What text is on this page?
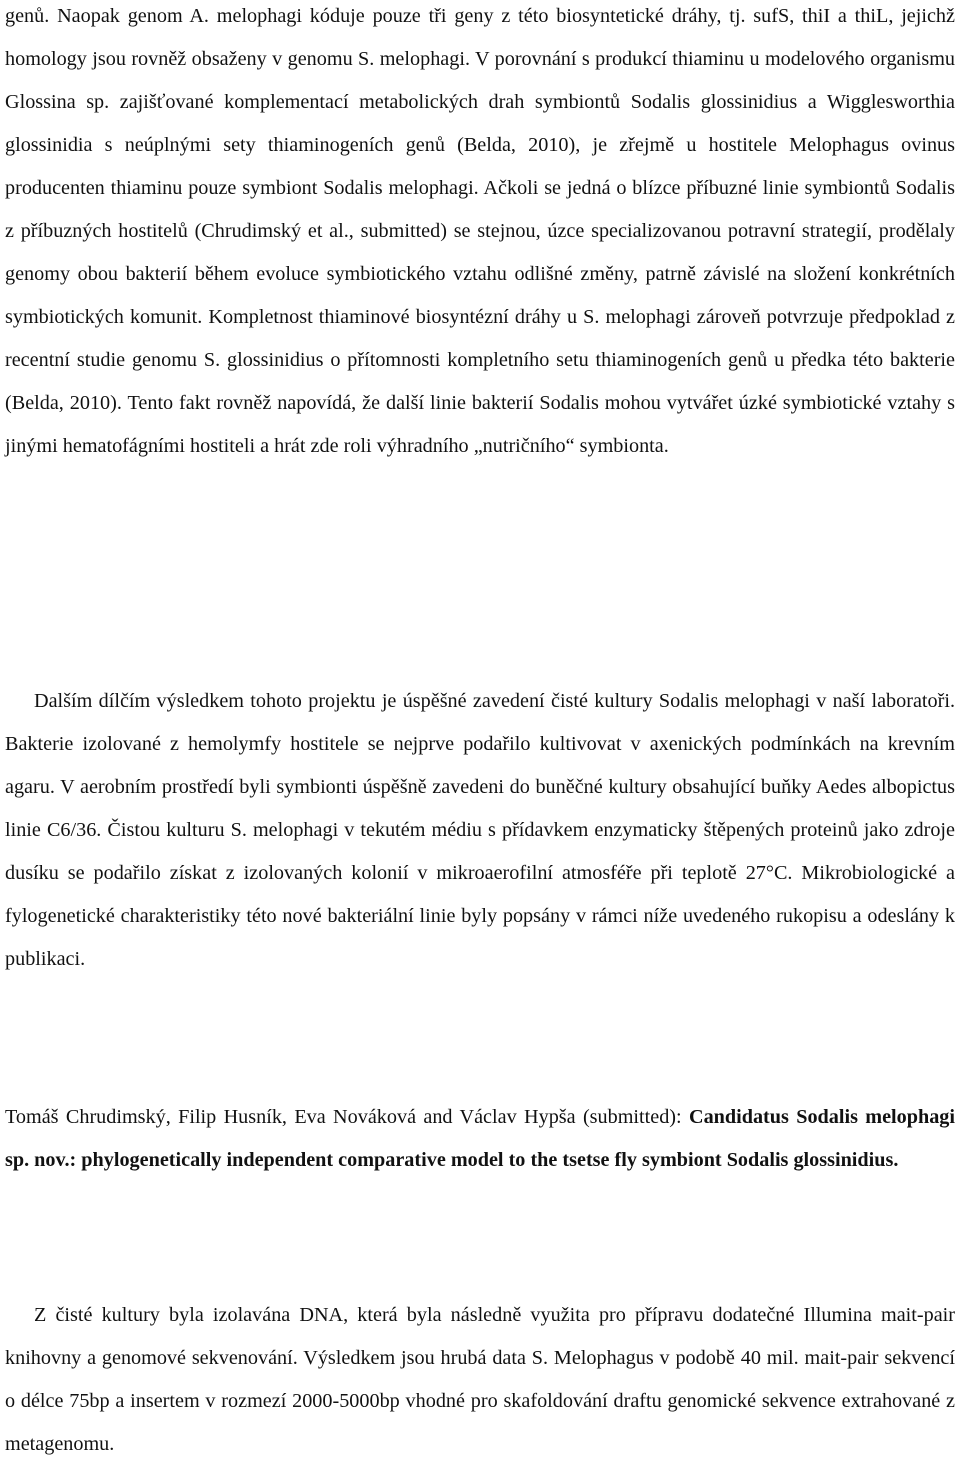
genů. Naopak genom A. melophagi kóduje pouze tři geny z této biosyntetické dráhy, tj. sufS, thiI a thiL, jejichž homology jsou rovněž obsaženy v genomu S. melophagi. V porovnání s produkcí thiaminu u modelového organismu Glossina sp. zajišťované komplementací metabolických drah symbiontů Sodalis glossinidius a Wigglesworthia glossinidia s neúplnými sety thiaminogeních genů (Belda, 2010), je zřejmě u hostitele Melophagus ovinus producenten thiaminu pouze symbiont Sodalis melophagi. Ačkoli se jedná o blízce příbuzné linie symbiontů Sodalis z příbuzných hostitelů (Chrudimský et al., submitted) se stejnou, úzce specializovanou potravní strategií, prodělaly genomy obou bakterií během evoluce symbiotického vztahu odlišné změny, patrně závislé na složení konkrétních symbiotických komunit. Kompletnost thiaminové biosyntézní dráhy u S. melophagi zároveň potvrzuje předpoklad z recentní studie genomu S. glossinidius o přítomnosti kompletního setu thiaminogeních genů u předka této bakterie (Belda, 2010). Tento fakt rovněž napovídá, že další linie bakterií Sodalis mohou vytvářet úzké symbiotické vztahy s jinými hematofágními hostiteli a hrát zde roli výhradního „nutričního“ symbionta.

Dalším dílčím výsledkem tohoto projektu je úspěšné zavedení čisté kultury Sodalis melophagi v naší laboratoři. Bakterie izolované z hemolymfy hostitele se nejprve podařilo kultivovat v axenických podmínkách na krevním agaru. V aerobním prostředí byli symbionti úspěšně zavedeni do buněčné kultury obsahující buňky Aedes albopictus linie C6/36. Čistou kulturu S. melophagi v tekutém médiu s přídavkem enzymaticky štěpených proteinů jako zdroje dusíku se podařilo získat z izolovaných kolonií v mikroaerofilní atmosféře při teplotě 27°C. Mikrobiologické a fylogenetické charakteristiky této nové bakteriální linie byly popsány v rámci níže uvedeného rukopisu a odeslány k publikaci.

Tomáš Chrudimský, Filip Husník, Eva Nováková and Václav Hypša (submitted): Candidatus Sodalis melophagi sp. nov.: phylogenetically independent comparative model to the tsetse fly symbiont Sodalis glossinidius.

Z čisté kultury byla izolavána DNA, která byla následně využita pro přípravu dodatečné Illumina mait-pair knihovny a genomové sekvenování. Výsledkem jsou hrubá data S. Melophagus v podobě 40 mil. mait-pair sekvencí o délce 75bp a insertem v rozmezí 2000-5000bp vhodné pro skafoldování draftu genomické sekvence extrahované z metagenomu.
